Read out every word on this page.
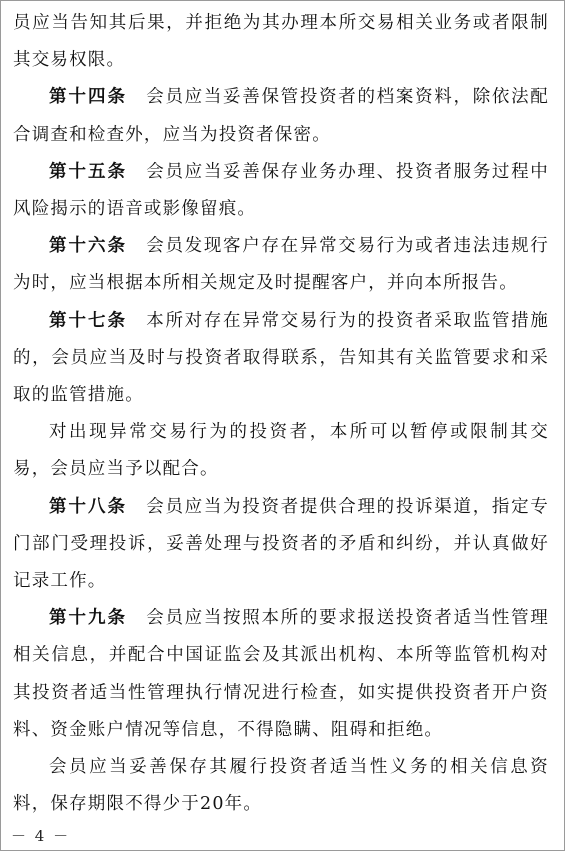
员应当告知其后果，并拒绝为其办理本所交易相关业务或者限制其交易权限。

第十四条　 会员应当妥善保管投资者的档案资料，除依法配合调查和检查外，应当为投资者保密。

第十五条　 会员应当妥善保存业务办理、投资者服务过程中风险揭示的语音或影像留痕。

第十六条　 会员发现客户存在异常交易行为或者违法违规行为时，应当根据本所相关规定及时提醒客户，并向本所报告。

第十七条　 本所对存在异常交易行为的投资者采取监管措施的，会员应当及时与投资者取得联系，告知其有关监管要求和采取的监管措施。

对出现异常交易行为的投资者，本所可以暂停或限制其交易，会员应当予以配合。

第十八条　 会员应当为投资者提供合理的投诉渠道，指定专门部门受理投诉，妥善处理与投资者的矛盾和纠纷，并认真做好记录工作。

第十九条　 会员应当按照本所的要求报送投资者适当性管理相关信息，并配合中国证监会及其派出机构、本所等监管机构对其投资者适当性管理执行情况进行检查，如实提供投资者开户资料、资金账户情况等信息，不得隐瞒、阻碍和拒绝。

会员应当妥善保存其履行投资者适当性义务的相关信息资料，保存期限不得少于20年。

－ 4 －
